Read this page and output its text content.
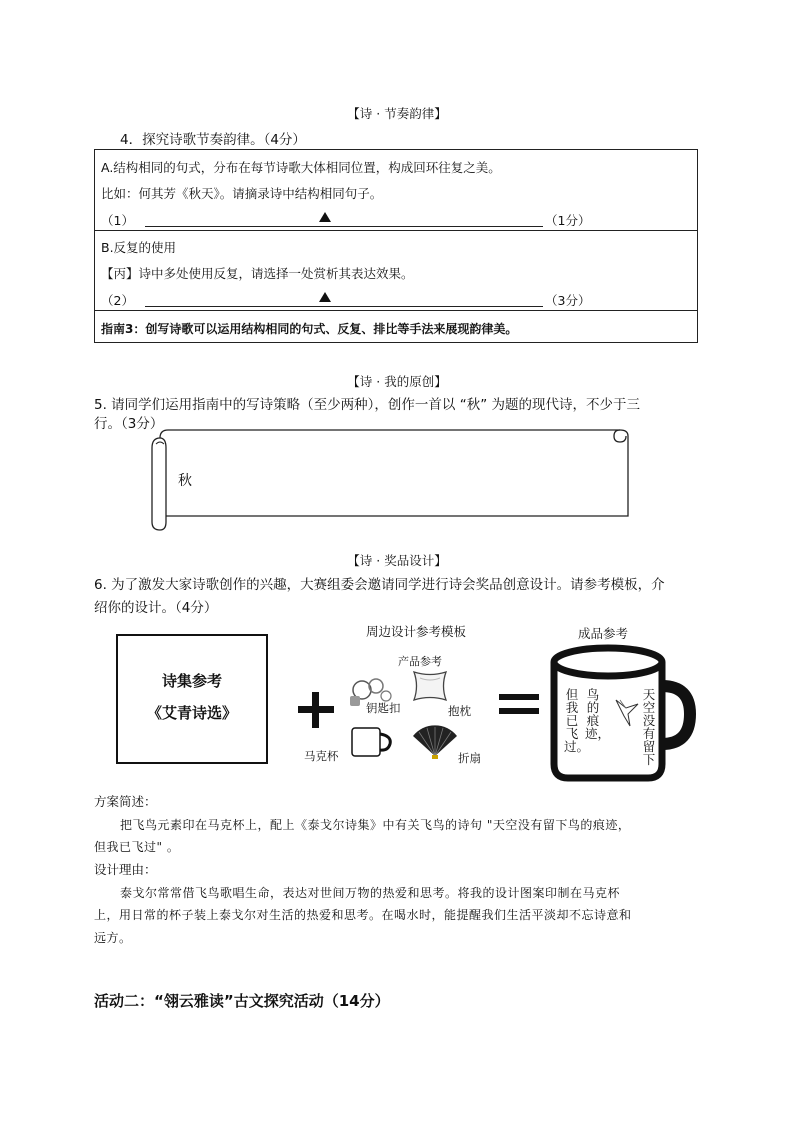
【诗 · 节奏韵律】
4．探究诗歌节奏韵律。（4分）
A.结构相同的句式，分布在每节诗歌大体相同位置，构成回环往复之美。
比如：何其芳《秋天》。请摘录诗中结构相同句子。
（1）	（1分）
B.反复的使用
【丙】诗中多处使用反复，请选择一处赏析其表达效果。
（2）	（3分）
指南3：创写诗歌可以运用结构相同的句式、反复、排比等手法来展现韵律美。
【诗 · 我的原创】
5. 请同学们运用指南中的写诗策略（至少两种），创作一首以 “秋” 为题的现代诗，不少于三
行。（3分）
秋
【诗 · 奖品设计】
6. 为了激发大家诗歌创作的兴趣，大赛组委会邀请同学进行诗会奖品创意设计。请参考模板，介
绍你的设计。（4分）
诗集参考
《艾青诗选》
周边设计参考模板
产品参考
钥匙扣	抱枕
马克杯	折扇
成品参考
天空没有留下
鸟的痕迹，
但我已飞过。
方案简述：
把飞鸟元素印在马克杯上，配上《泰戈尔诗集》中有关飞鸟的诗句 "天空没有留下鸟的痕迹，
但我已飞过" 。
设计理由：
泰戈尔常常借飞鸟歌唱生命，表达对世间万物的热爱和思考。将我的设计图案印制在马克杯
上，用日常的杯子装上泰戈尔对生活的热爱和思考。在喝水时，能提醒我们生活平淡却不忘诗意和
远方。
活动二：“翎云雅读”古文探究活动（14分）
